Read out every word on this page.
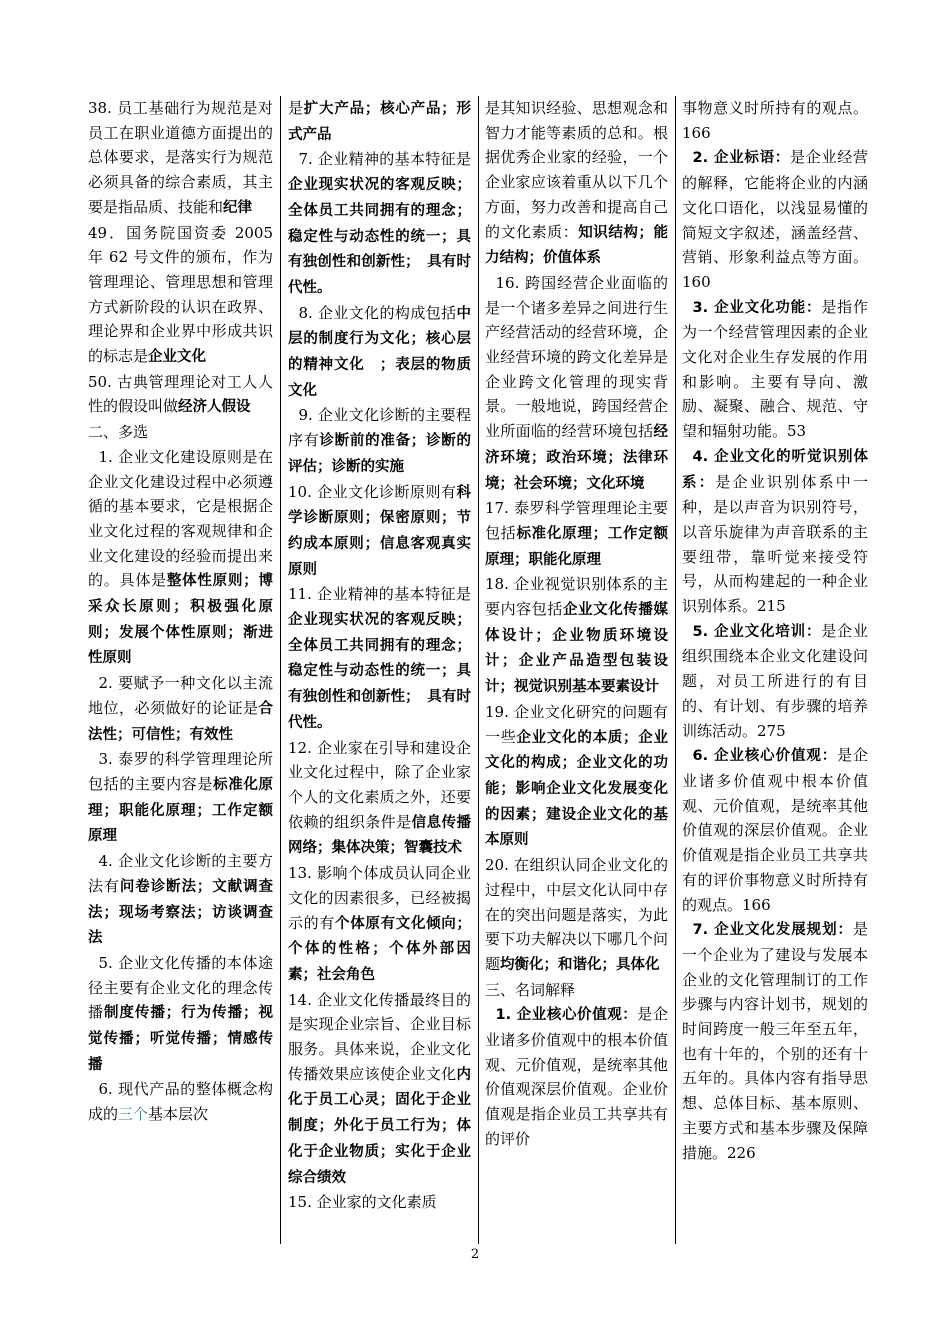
38. 员工基础行为规范是对员工在职业道德方面提出的总体要求，是落实行为规范必须具备的综合素质，其主要是指品质、技能和纪律

49．国务院国资委 2005 年 62 号文件的颁布，作为管理理论、管理思想和管理方式新阶段的认识在政界、理论界和企业界中形成共识的标志是企业文化

50. 古典管理理论对工人人性的假设叫做经济人假设

二、多选

1. 企业文化建设原则是在企业文化建设过程中必须遵循的基本要求，它是根据企业文化过程的客观规律和企业文化建设的经验而提出来的。具体是整体性原则；博采众长原则；积极强化原则；发展个体性原则；渐进性原则

2. 要赋予一种文化以主流地位，必须做好的论证是合法性；可信性；有效性

3. 泰罗的科学管理理论所包括的主要内容是标准化原理；职能化原理；工作定额原理

4. 企业文化诊断的主要方法有问卷诊断法；文献调查法；现场考察法；访谈调查法

5. 企业文化传播的本体途径主要有企业文化的理念传播制度传播；行为传播；视觉传播；听觉传播；情感传播

6. 现代产品的整体概念构成的三个基本层次

是扩大产品；核心产品；形式产品

7. 企业精神的基本特征是企业现实状况的客观反映；全体员工共同拥有的理念；稳定性与动态性的统一；具有独创性和创新性；　具有时代性。

8. 企业文化的构成包括中层的制度行为文化；核心层的精神文化　；表层的物质文化

9. 企业文化诊断的主要程序有诊断前的准备；诊断的评估；诊断的实施

10. 企业文化诊断原则有科学诊断原则；保密原则；节约成本原则；信息客观真实原则

11. 企业精神的基本特征是企业现实状况的客观反映；全体员工共同拥有的理念；稳定性与动态性的统一；具有独创性和创新性；　具有时代性。

12. 企业家在引导和建设企业文化过程中，除了企业家个人的文化素质之外，还要依赖的组织条件是信息传播网络；集体决策；智囊技术

13. 影响个体成员认同企业文化的因素很多，已经被揭示的有个体原有文化倾向；个体的性格；个体外部因素；社会角色

14. 企业文化传播最终目的是实现企业宗旨、企业目标服务。具体来说，企业文化传播效果应该使企业文化内化于员工心灵；固化于企业制度；外化于员工行为；体化于企业物质；实化于企业综合绩效

15. 企业家的文化素质

是其知识经验、思想观念和智力才能等素质的总和。根据优秀企业家的经验，一个企业家应该着重从以下几个方面，努力改善和提高自己的文化素质：知识结构；能力结构；价值体系

16. 跨国经营企业面临的是一个诸多差异之间进行生产经营活动的经营环境，企业经营环境的跨文化差异是企业跨文化管理的现实背景。一般地说，跨国经营企业所面临的经营环境包括经济环境；政治环境；法律环境；社会环境；文化环境

17. 泰罗科学管理理论主要包括标准化原理；工作定额原理；职能化原理

18. 企业视觉识别体系的主要内容包括企业文化传播媒体设计；企业物质环境设计；企业产品造型包装设计；视觉识别基本要素设计

19. 企业文化研究的问题有一些企业文化的本质；企业文化的构成；企业文化的功能；影响企业文化发展变化的因素；建设企业文化的基本原则

20. 在组织认同企业文化的过程中，中层文化认同中存在的突出问题是落实，为此要下功夫解决以下哪几个问题均衡化；和谐化；具体化

三、名词解释

1. 企业核心价值观：是企业诸多价值观中的根本价值观、元价值观，是统率其他价值观深层价值观。企业价值观是指企业员工共享共有的评价

事物意义时所持有的观点。166

2. 企业标语：是企业经营的解释，它能将企业的内涵文化口语化，以浅显易懂的简短文字叙述，涵盖经营、营销、形象利益点等方面。160

3. 企业文化功能：是指作为一个经营管理因素的企业文化对企业生存发展的作用和影响。主要有导向、激励、凝聚、融合、规范、守望和辐射功能。53

4. 企业文化的听觉识别体系：是企业识别体系中一种，是以声音为识别符号，以音乐旋律为声音联系的主要纽带，靠听觉来接受符号，从而构建起的一种企业识别体系。215

5. 企业文化培训：是企业组织围绕本企业文化建设问题，对员工所进行的有目的、有计划、有步骤的培养训练活动。275

6. 企业核心价值观：是企业诸多价值观中根本价值观、元价值观，是统率其他价值观的深层价值观。企业价值观是指企业员工共享共有的评价事物意义时所持有的观点。166

7. 企业文化发展规划：是一个企业为了建设与发展本企业的文化管理制订的工作步骤与内容计划书，规划的时间跨度一般三年至五年，也有十年的，个别的还有十五年的。具体内容有指导思想、总体目标、基本原则、主要方式和基本步骤及保障措施。226

2
